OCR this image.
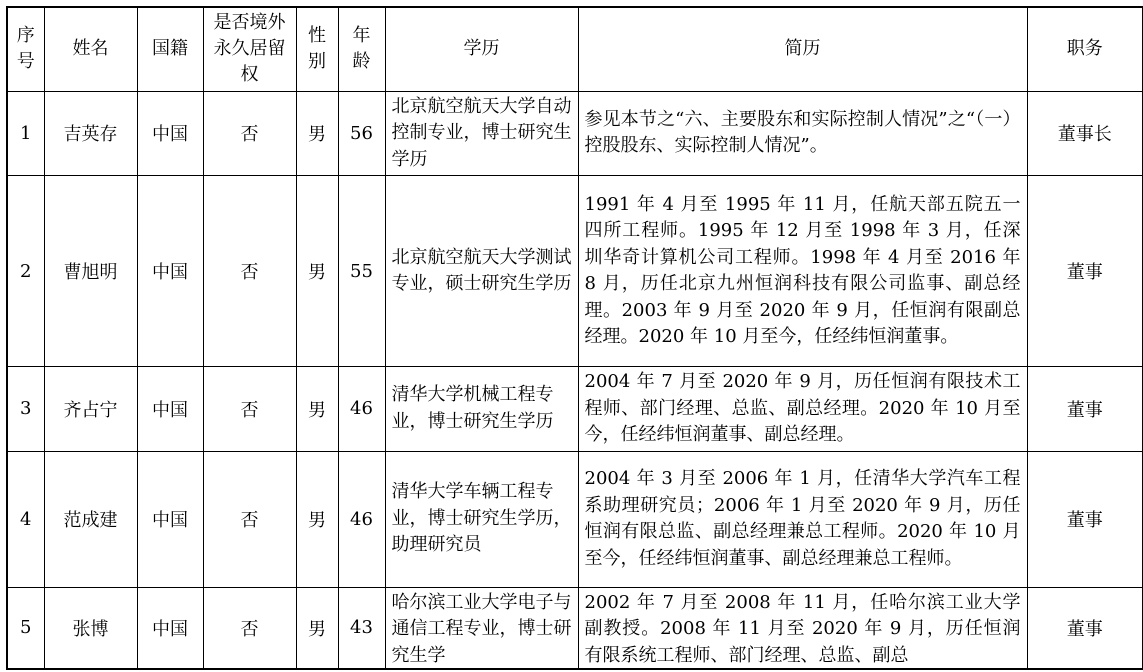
序号	姓名	国籍	是否境外永久居留权	性别	年龄	学历	简历	职务
1	吉英存	中国	否	男	56	北京航空航天大学自动控制专业，博士研究生学历	参见本节之“六、主要股东和实际控制人情况”之“（一）控股股东、实际控制人情况”。	董事长
2	曹旭明	中国	否	男	55	北京航空航天大学测试专业，硕士研究生学历	1991 年 4 月至 1995 年 11 月，任航天部五院五一四所工程师。1995 年 12 月至 1998 年 3 月，任深圳华奇计算机公司工程师。1998 年 4 月至 2016 年 8 月，历任北京九州恒润科技有限公司监事、副总经理。2003 年 9 月至 2020 年 9 月，任恒润有限副总经理。2020 年 10 月至今，任经纬恒润董事。	董事
3	齐占宁	中国	否	男	46	清华大学机械工程专业，博士研究生学历	2004 年 7 月至 2020 年 9 月，历任恒润有限技术工程师、部门经理、总监、副总经理。2020 年 10 月至今，任经纬恒润董事、副总经理。	董事
4	范成建	中国	否	男	46	清华大学车辆工程专业，博士研究生学历，助理研究员	2004 年 3 月至 2006 年 1 月，任清华大学汽车工程系助理研究员；2006 年 1 月至 2020 年 9 月，历任恒润有限总监、副总经理兼总工程师。2020 年 10 月至今，任经纬恒润董事、副总经理兼总工程师。	董事
5	张博	中国	否	男	43	哈尔滨工业大学电子与通信工程专业，博士研究生学	2002 年 7 月至 2008 年 11 月，任哈尔滨工业大学副教授。2008 年 11 月至 2020 年 9 月，历任恒润有限系统工程师、部门经理、总监、副总	董事
